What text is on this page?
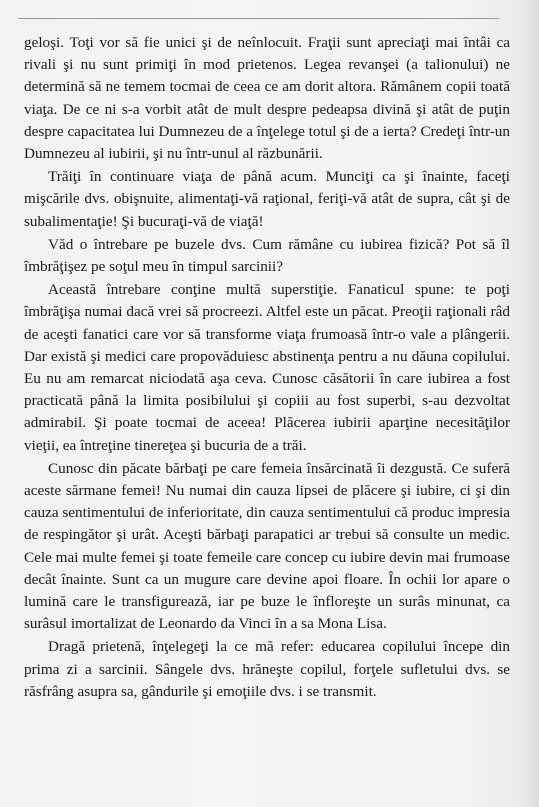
geloşi. Toţi vor să fie unici şi de neînlocuit. Fraţii sunt apreciaţi mai întâi ca rivali şi nu sunt primiţi în mod prietenos. Legea revanşei (a talionului) ne determină să ne temem tocmai de ceea ce am dorit altora. Rămânem copii toată viaţa. De ce ni s-a vorbit atât de mult despre pedeapsa divină şi atât de puţin despre capacitatea lui Dumnezeu de a înţelege totul şi de a ierta? Credeţi într-un Dumnezeu al iubirii, şi nu într-unul al răzbunării.

Trăiţi în continuare viaţa de până acum. Munciţi ca şi înainte, faceţi mişcările dvs. obişnuite, alimentaţi-vă raţional, feriţi-vă atât de supra, cât şi de subalimentaţie! Şi bucuraţi-vă de viaţă!

Văd o întrebare pe buzele dvs. Cum rămâne cu iubirea fizică? Pot să îl îmbrăţişez pe soţul meu în timpul sarcinii?

Această întrebare conţine multă superstiţie. Fanaticul spune: te poţi îmbrăţişa numai dacă vrei să procreezi. Altfel este un păcat. Preoţii raţionali râd de aceşti fanatici care vor să transforme viaţa frumoasă într-o vale a plângerii. Dar există şi medici care propovăduiesc abstinenţa pentru a nu dăuna copilului. Eu nu am remarcat niciodată aşa ceva. Cunosc căsătorii în care iubirea a fost practicată până la limita posibilului şi copiii au fost superbi, s-au dezvoltat admirabil. Şi poate tocmai de aceea! Plăcerea iubirii aparţine necesităţilor vieţii, ea întreţine tinereţea şi bucuria de a trăi.

Cunosc din păcate bărbaţi pe care femeia însărcinată îi dezgustă. Ce suferă aceste sărmane femei! Nu numai din cauza lipsei de plăcere şi iubire, ci şi din cauza sentimentului de inferioritate, din cauza sentimentului că produc impresia de respingător şi urât. Aceşti bărbaţi parapatici ar trebui să consulte un medic. Cele mai multe femei şi toate femeile care concep cu iubire devin mai frumoase decât înainte. Sunt ca un mugure care devine apoi floare. În ochii lor apare o lumină care le transfigurează, iar pe buze le înfloreşte un surâs minunat, ca surâsul imortalizat de Leonardo da Vinci în a sa Mona Lisa.

Dragă prietenă, înţelegeţi la ce mă refer: educarea copilului începe din prima zi a sarcinii. Sângele dvs. hrăneşte copilul, forţele sufletului dvs. se răsfrâng asupra sa, gândurile şi emoţiile dvs. i se transmit.
